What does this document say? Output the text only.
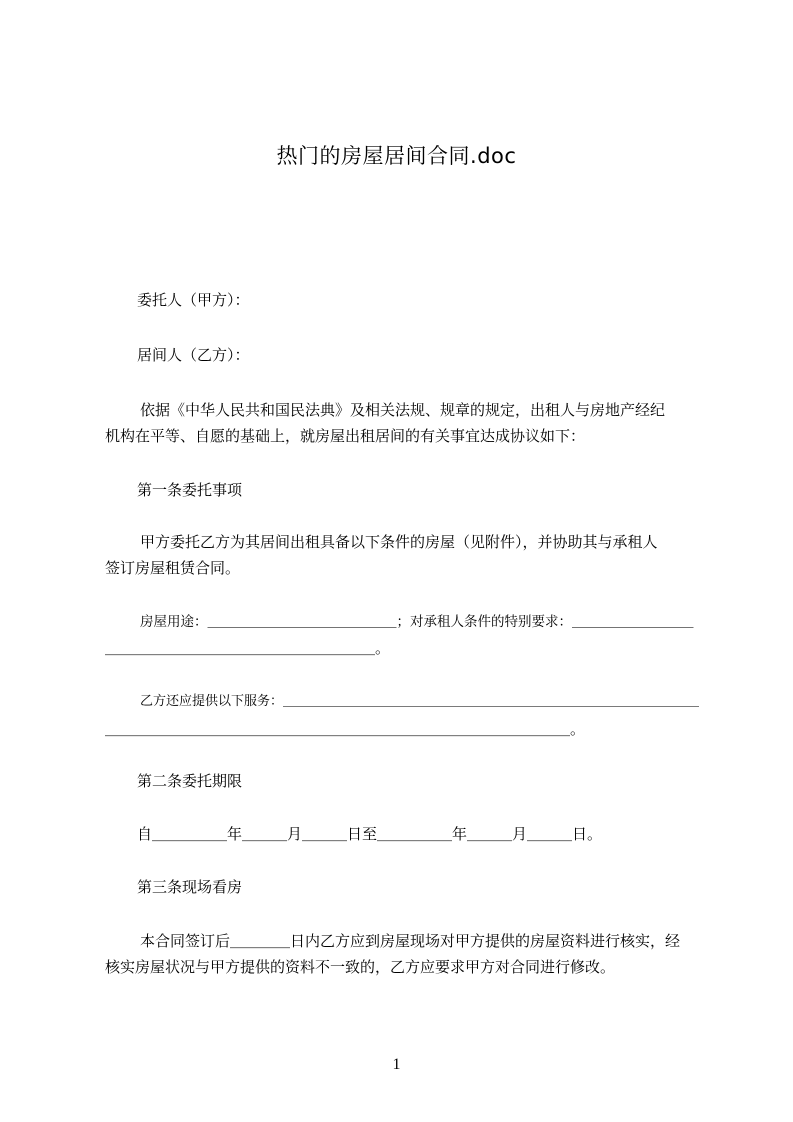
热门的房屋居间合同.doc
委托人（甲方）：
居间人（乙方）：
依据《中华人民共和国民法典》及相关法规、规章的规定，出租人与房地产经纪
机构在平等、自愿的基础上，就房屋出租居间的有关事宜达成协议如下：
第一条委托事项
甲方委托乙方为其居间出租具备以下条件的房屋（见附件），并协助其与承租人
签订房屋租赁合同。
房屋用途：＿＿＿＿＿＿＿＿＿＿＿＿＿＿；对承租人条件的特别要求：＿＿＿＿＿＿＿＿＿
＿＿＿＿＿＿＿＿＿＿＿＿＿＿＿＿＿＿。
乙方还应提供以下服务：＿＿＿＿＿＿＿＿＿＿＿＿＿＿＿＿＿＿＿＿＿＿＿＿＿＿＿＿＿＿＿＿
＿＿＿＿＿＿＿＿＿＿＿＿＿＿＿＿＿＿＿＿＿＿＿＿＿＿＿＿＿＿＿。
第二条委托期限
自＿＿＿＿＿年＿＿＿月＿＿＿日至＿＿＿＿＿年＿＿＿月＿＿＿日。
第三条现场看房
本合同签订后＿＿＿＿日内乙方应到房屋现场对甲方提供的房屋资料进行核实，经
核实房屋状况与甲方提供的资料不一致的，乙方应要求甲方对合同进行修改。
1
